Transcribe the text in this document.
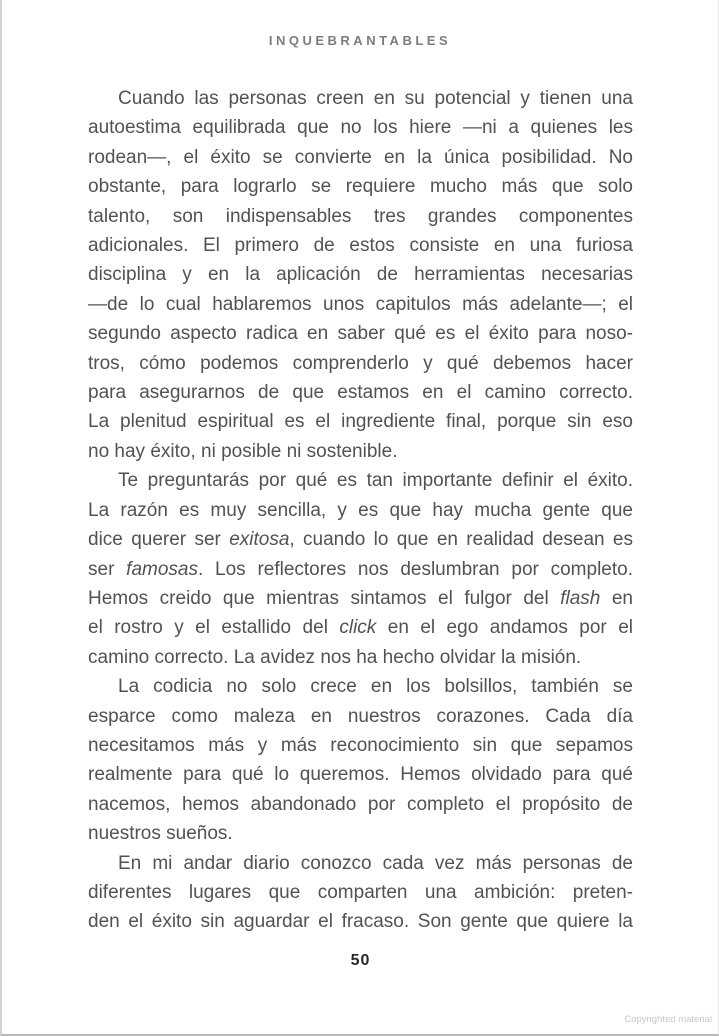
INQUEBRANTABLES
Cuando las personas creen en su potencial y tienen una
autoestima equilibrada que no los hiere —ni a quienes les
rodean—, el éxito se convierte en la única posibilidad. No
obstante, para lograrlo se requiere mucho más que solo
talento, son indispensables tres grandes componentes
adicionales. El primero de estos consiste en una furiosa
disciplina y en la aplicación de herramientas necesarias
—de lo cual hablaremos unos capitulos más adelante—; el
segundo aspecto radica en saber qué es el éxito para noso-
tros, cómo podemos comprenderlo y qué debemos hacer
para asegurarnos de que estamos en el camino correcto.
La plenitud espiritual es el ingrediente final, porque sin eso
no hay éxito, ni posible ni sostenible.
Te preguntarás por qué es tan importante definir el éxito.
La razón es muy sencilla, y es que hay mucha gente que
dice querer ser exitosa, cuando lo que en realidad desean es
ser famosas. Los reflectores nos deslumbran por completo.
Hemos creido que mientras sintamos el fulgor del flash en
el rostro y el estallido del click en el ego andamos por el
camino correcto. La avidez nos ha hecho olvidar la misión.
La codicia no solo crece en los bolsillos, también se
esparce como maleza en nuestros corazones. Cada día
necesitamos más y más reconocimiento sin que sepamos
realmente para qué lo queremos. Hemos olvidado para qué
nacemos, hemos abandonado por completo el propósito de
nuestros sueños.
En mi andar diario conozco cada vez más personas de
diferentes lugares que comparten una ambición: preten-
den el éxito sin aguardar el fracaso. Son gente que quiere la
50
Copyrighted material
